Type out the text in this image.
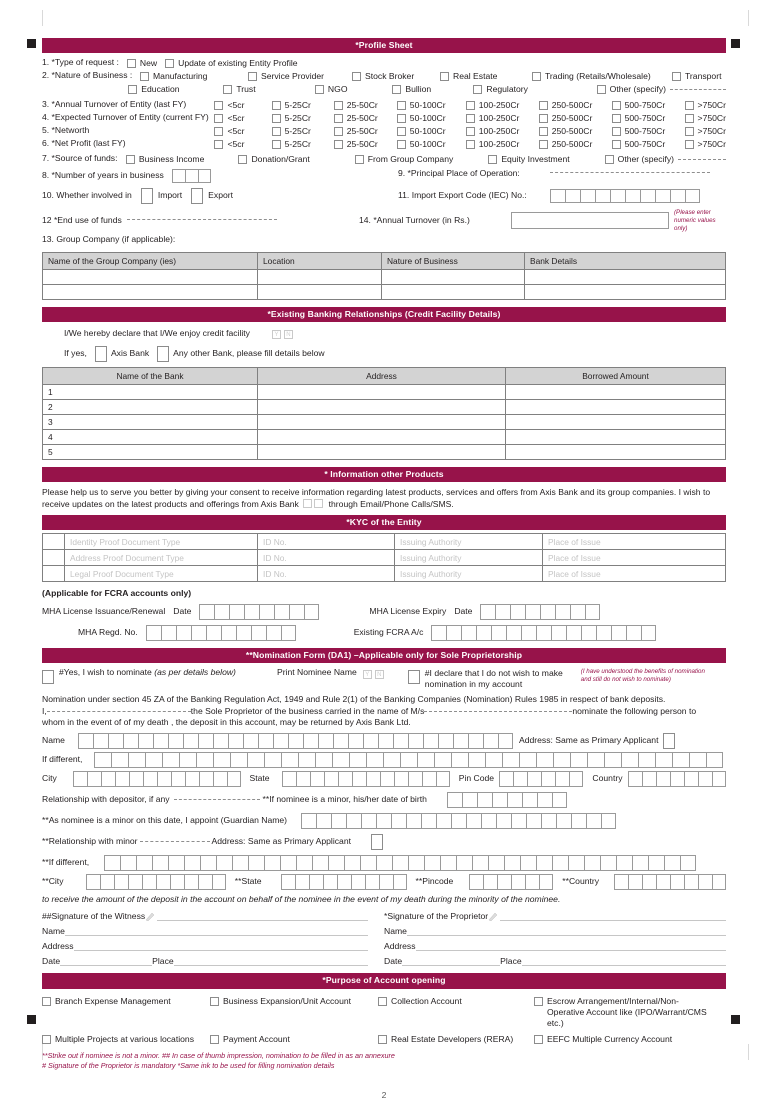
*Profile Sheet
1. *Type of request : New Update of existing Entity Profile
2. *Nature of Business :	Manufacturing	Service Provider	Stock Broker	Real Estate	Trading (Retails/Wholesale)	Transport
Education	Trust	NGO	Bullion	Regulatory	Other (specify)
3. *Annual Turnover of Entity (last FY)	<5cr	5-25Cr	25-50Cr	50-100Cr	100-250Cr	250-500Cr	500-750Cr	>750Cr
4. *Expected Turnover of Entity (current FY)	<5cr	5-25Cr	25-50Cr	50-100Cr	100-250Cr	250-500Cr	500-750Cr	>750Cr
5. *Networth	<5cr	5-25Cr	25-50Cr	50-100Cr	100-250Cr	250-500Cr	500-750Cr	>750Cr
6. *Net Profit (last FY)	<5cr	5-25Cr	25-50Cr	50-100Cr	100-250Cr	250-500Cr	500-750Cr	>750Cr
7. *Source of funds:	Business Income	Donation/Grant	From Group Company	Equity Investment	Other (specify)
8. *Number of years in business	9. *Principal Place of Operation:
10. Whether involved in	Import	Export	11. Import Export Code (IEC) No.:
12 *End use of funds	14. *Annual Turnover (in Rs.)
(Please enter numeric values only)
13. Group Company (if applicable):
Name of the Group Company (ies)	Location	Nature of Business	Bank Details

*Existing Banking Relationships (Credit Facility Details)
I/We hereby declare that I/We enjoy credit facility	Y N
If yes,	Axis Bank	Any other Bank, please fill details below
Name of the Bank	Address	Borrowed Amount
1		
2		
3		
4		
5		
* Information other Products
Please help us to serve you better by giving your consent to receive information regarding latest products, services and offers from Axis Bank and its group companies. I wish to receive updates on the latest products and offerings from Axis Bank	through Email/Phone Calls/SMS.
*KYC of the Entity
	Identity Proof Document Type	ID No.	Issuing Authority	Place of Issue
	Address Proof Document Type	ID No.	Issuing Authority	Place of Issue
	Legal Proof Document Type	ID No.	Issuing Authority	Place of Issue
(Applicable for FCRA accounts only)
MHA License Issuance/Renewal Date	MHA License Expiry Date
MHA Regd. No.	Existing FCRA A/c
**Nomination Form (DA1) –Applicable only for Sole Proprietorship
#Yes, I wish to nominate (as per details below)	Print Nominee Name Y N	#I declare that I do not wish to make nomination in my account
(I have understood the benefits of nomination and still do not wish to nominate)
Nomination under section 45 ZA of the Banking Regulation Act, 1949 and Rule 2(1) of the Banking Companies (Nomination) Rules 1985 in respect of bank deposits.
I,	the Sole Proprietor of the business carried in the name of M/s	nominate the following person to
whom in the event of of my death , the deposit in this account, may be returned by Axis Bank Ltd.
Name	Address: Same as Primary Applicant
If different,
City	State	Pin Code	Country
Relationship with depositor, if any	**If nominee is a minor, his/her date of birth
**As nominee is a minor on this date, I appoint (Guardian Name)
**Relationship with minor	Address: Same as Primary Applicant
**If different,
**City	**State	**Pincode	**Country
to receive the amount of the deposit in the account on behalf of the nominee in the event of my death during the minority of the nominee.
##Signature of the Witness	*Signature of the Proprietor
Name	Name
Address	Address
Date	Place	Date	Place
*Purpose of Account opening
Branch Expense Management	Business Expansion/Unit Account	Collection Account	Escrow Arrangement/Internal/Non-Operative Account like (IPO/Warrant/CMS etc.)
Multiple Projects at various locations	Payment Account	Real Estate Developers (RERA)	EEFC Multiple Currency Account
**Strike out if nominee is not a minor. ## In case of thumb impression, nomination to be filled in as an annexure
# Signature of the Proprietor is mandatory *Same ink to be used for filling nomination details
2
